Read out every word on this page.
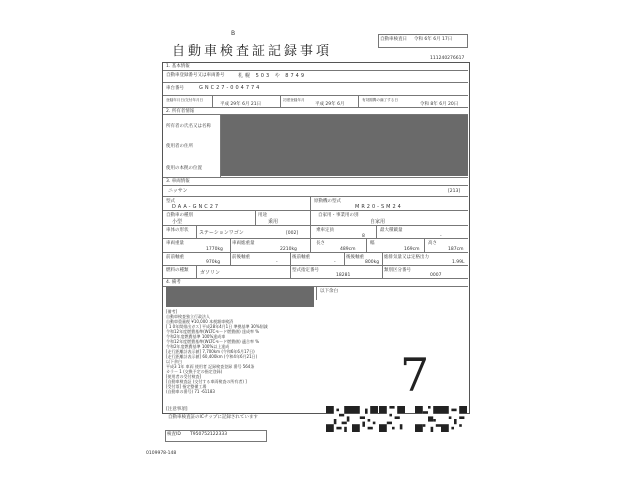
B
自動車検査証記録事項
自動車検査日 令和 6年 6月 17日
111240276617
1. 基本情報
自動車登録番号又は車両番号	札幌 503 や 8749
車台番号	GNC27-004774
登録年月日/交付年月日
平成 29年 6月 21日
初度登録年月
平成 29年 6月
有効期間の満了する日
令和 8年 6月 20日
2. 所有者情報
所有者の氏名又は名称
使用者の住所
使用の本拠の位置
3. 車両情報
ニッサン	[213]
型式
DAA-GNC27
原動機の型式
MR20-SM24
自動車の種別
小型
用途
乗用
自家用・事業用の別
自家用
車体の形状 ステーションワゴン	[002]
乗車定員
8
最大積載量
-
車両重量
1770kg
車両総重量
2210kg
長さ
489cm
幅
169cm
高さ
187cm
前前軸重
970kg
前後軸重
-
後前軸重
-
後後軸重
800kg
総排気量又は定格出力
1.99L
燃料の種類 ガソリン	型式指定番号
18281
類別区分番号
0007
4. 備考
以下余白
[備考]
自動車検査独立行政法人
自動車重量税 ¥10,000 本税額車検済
[ 1 0年間排出ガス] 平成28年4月1日 準拠基準 30%削減
令和12年度燃費基準(WLTCモード燃費値) 達成率 %
令和2年度燃費基準 100%達成車
令和12年度燃費基準(WLTCモード燃費値) 適合率 %
令和2年度燃費基準 100%以上達成
[走行距離計表示値] 7,700km (令和6年6月17日)
[走行距離計表示値] 60,400km (令和4年6月21日)
以下余白
平成3 1年 車両 使用者 記録検査登録 番号 564条
カラー 1 (交換予定の指定登録)
[使用者の受付検査]
[自動車検査証 (交付する車両検査の所有者) ]
[受付票] 指定整備工場
(自動車の番号) 71 -61183	7
[注意事項]
自動車検査証のICチップに記録されています
検査ID T950752122333
0109978-148
